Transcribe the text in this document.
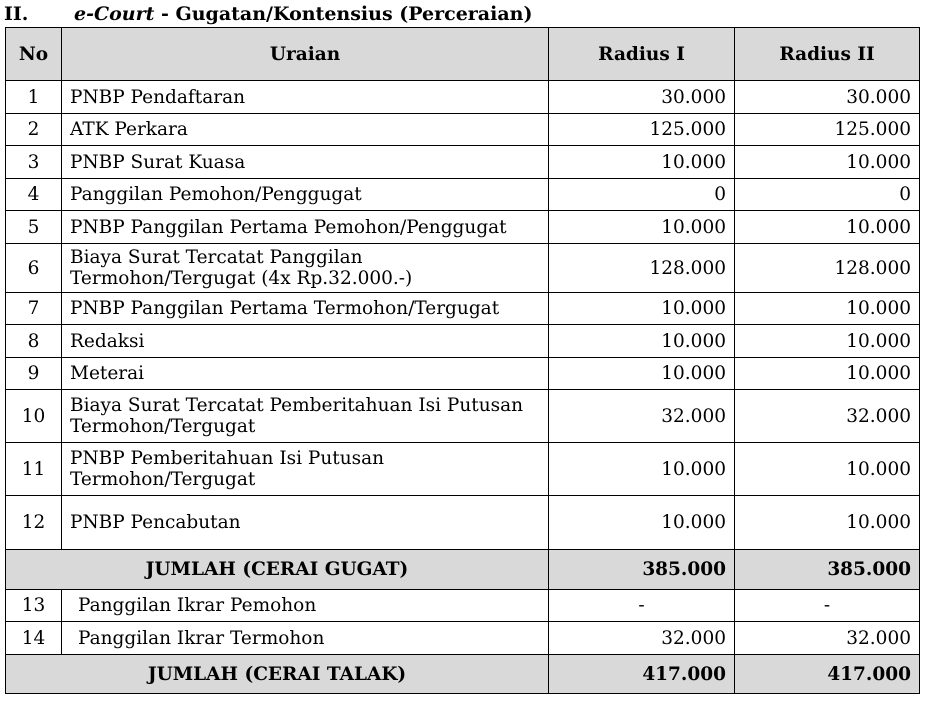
II. e-Court - Gugatan/Kontensius (Perceraian)
No	Uraian	Radius I	Radius II
1	PNBP Pendaftaran	30.000	30.000
2	ATK Perkara	125.000	125.000
3	PNBP Surat Kuasa	10.000	10.000
4	Panggilan Pemohon/Penggugat	0	0
5	PNBP Panggilan Pertama Pemohon/Penggugat	10.000	10.000
6	Biaya Surat Tercatat Panggilan Termohon/Tergugat (4x Rp.32.000.-)	128.000	128.000
7	PNBP Panggilan Pertama Termohon/Tergugat	10.000	10.000
8	Redaksi	10.000	10.000
9	Meterai	10.000	10.000
10	Biaya Surat Tercatat Pemberitahuan Isi Putusan Termohon/Tergugat	32.000	32.000
11	PNBP Pemberitahuan Isi Putusan Termohon/Tergugat	10.000	10.000
12	PNBP Pencabutan	10.000	10.000
JUMLAH (CERAI GUGAT)		385.000	385.000
13	Panggilan Ikrar Pemohon	-	-
14	Panggilan Ikrar Termohon	32.000	32.000
JUMLAH (CERAI TALAK)		417.000	417.000
